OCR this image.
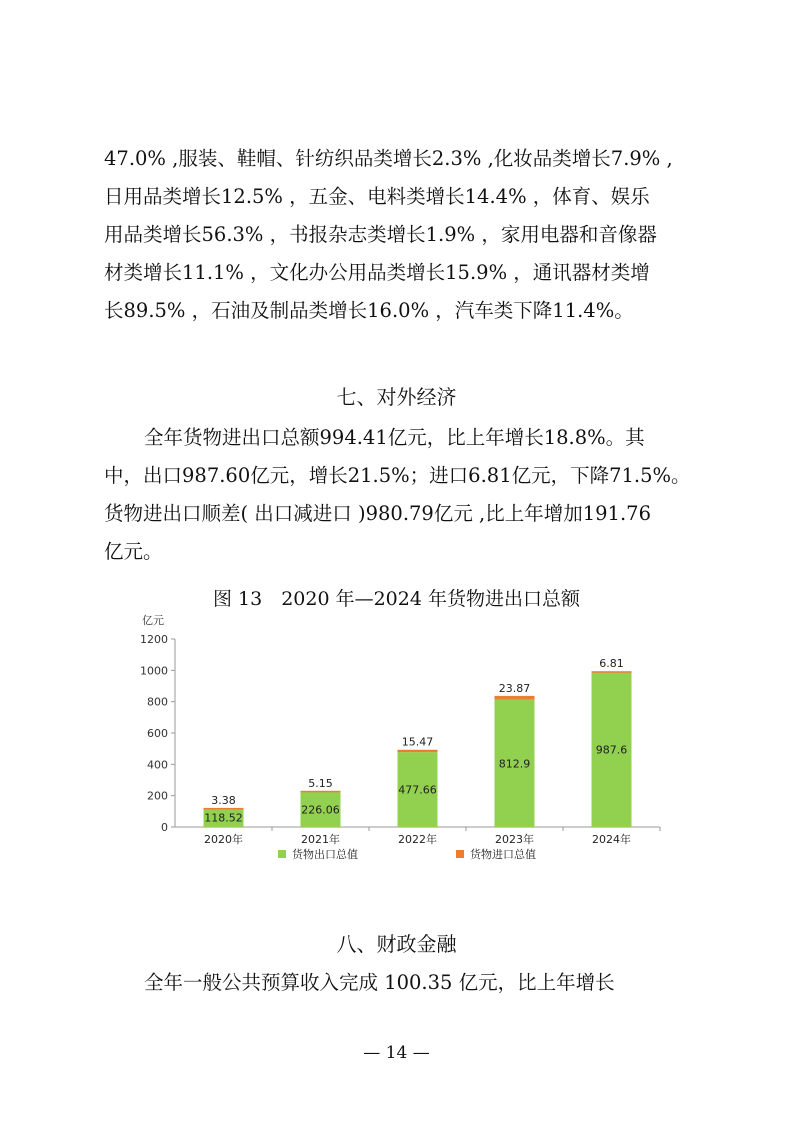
47.0% ,服装、鞋帽、针纺织品类增长2.3% ,化妆品类增长7.9% ,

日用品类增长12.5% ，五金、电料类增长14.4% ，体育、娱乐

用品类增长56.3% ，书报杂志类增长1.9% ，家用电器和音像器

材类增长11.1% ，文化办公用品类增长15.9% ，通讯器材类增

长89.5% ，石油及制品类增长16.0% ，汽车类下降11.4%。

七、对外经济

全年货物进出口总额994.41亿元，比上年增长18.8%。其

中，出口987.60亿元，增长21.5%；进口6.81亿元，下降71.5%。

货物进出口顺差( 出口减进口 )980.79亿元 ,比上年增加191.76

亿元。

图 13　2020 年—2024 年货物进出口总额
亿元
0
200
400
600
800
1000
1200
118.52
3.38
2020年
226.06
5.15
2021年
477.66
15.47
2022年
812.9
23.87
2023年
987.6
6.81
2024年
货物出口总值	货物进口总值
八、财政金融

全年一般公共预算收入完成 100.35 亿元，比上年增长

— 14 —
